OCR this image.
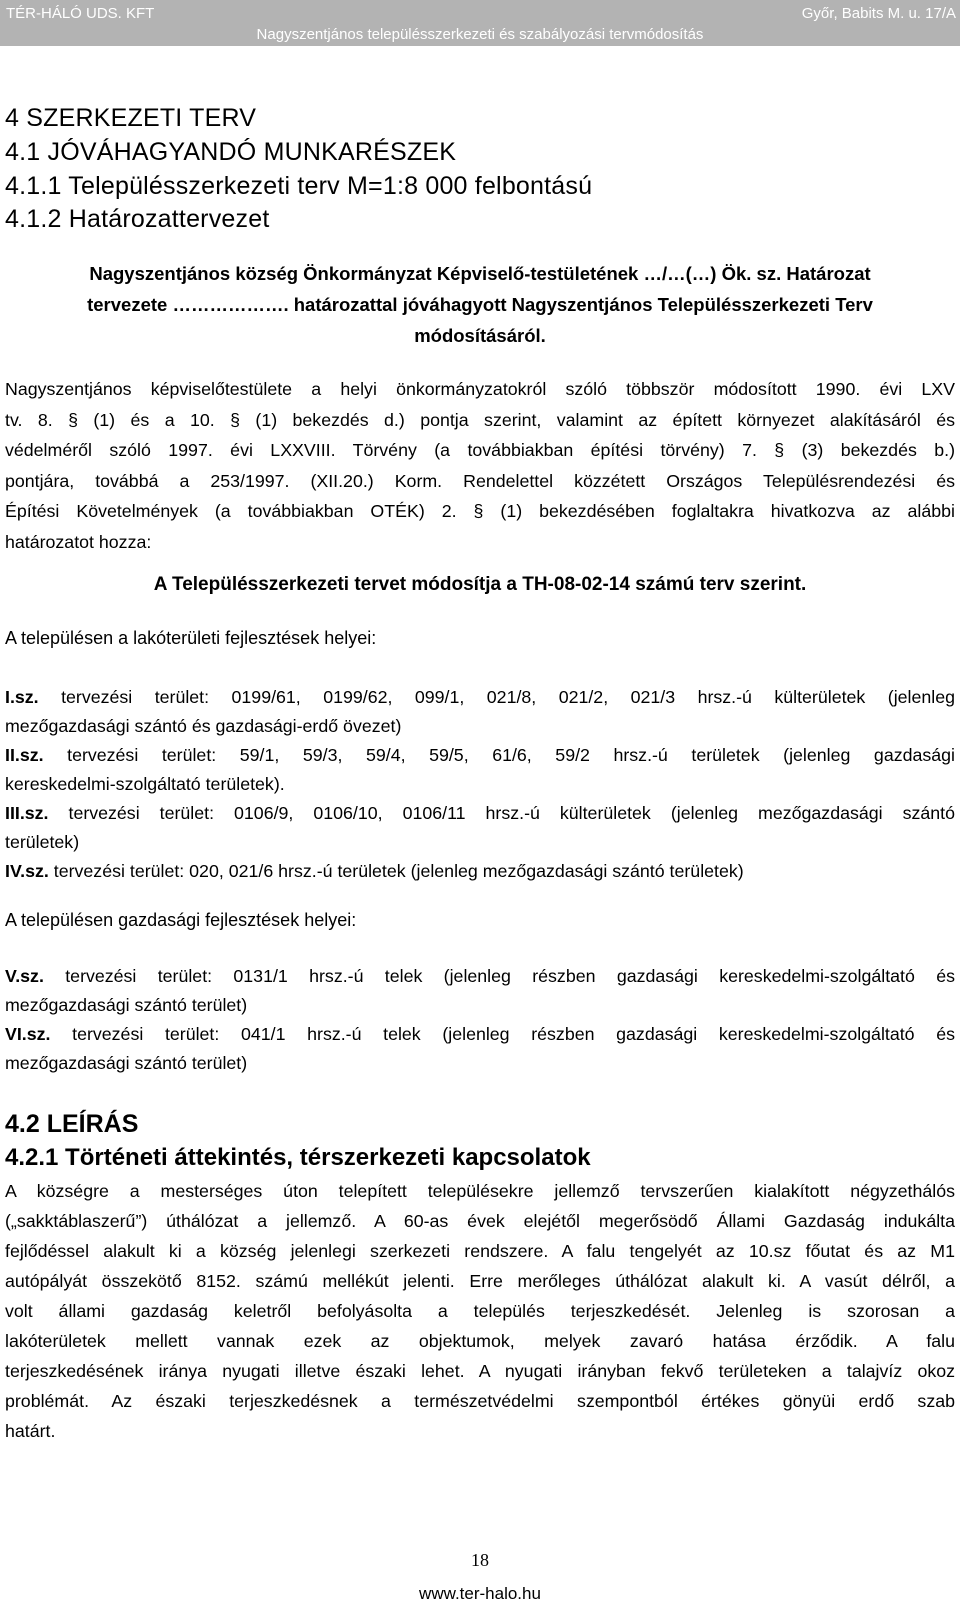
TÉR-HÁLÓ UDS. KFT	Győr, Babits M. u. 17/A
Nagyszentjános településszerkezeti és szabályozási tervmódosítás
4 SZERKEZETI TERV
4.1 JÓVÁHAGYANDÓ MUNKARÉSZEK
4.1.1 Településszerkezeti terv M=1:8 000 felbontású
4.1.2 Határozattervezet
Nagyszentjános község Önkormányzat Képviselő-testületének …/…(…) Ök. sz. Határozat
tervezete ………………. határozattal jóváhagyott Nagyszentjános Településszerkezeti Terv
módosításáról.
Nagyszentjános képviselőtestülete a helyi önkormányzatokról szóló többször módosított 1990. évi LXV
tv. 8. § (1) és a 10. § (1) bekezdés d.) pontja szerint, valamint az épített környezet alakításáról és
védelméről szóló 1997. évi LXXVIII. Törvény (a továbbiakban építési törvény) 7. § (3) bekezdés b.)
pontjára, továbbá a 253/1997. (XII.20.) Korm. Rendelettel közzétett Országos Településrendezési és
Építési Követelmények (a továbbiakban OTÉK) 2. § (1) bekezdésében foglaltakra hivatkozva az alábbi
határozatot hozza:
A Településszerkezeti tervet módosítja a TH-08-02-14 számú terv szerint.
A településen a lakóterületi fejlesztések helyei:
I.sz. tervezési terület: 0199/61, 0199/62, 099/1, 021/8, 021/2, 021/3 hrsz.-ú külterületek (jelenleg
mezőgazdasági szántó és gazdasági-erdő övezet)
II.sz. tervezési terület: 59/1, 59/3, 59/4, 59/5, 61/6, 59/2 hrsz.-ú területek (jelenleg gazdasági
kereskedelmi-szolgáltató területek).
III.sz. tervezési terület: 0106/9, 0106/10, 0106/11 hrsz.-ú külterületek (jelenleg mezőgazdasági szántó
területek)
IV.sz. tervezési terület: 020, 021/6 hrsz.-ú területek (jelenleg mezőgazdasági szántó területek)
A településen gazdasági fejlesztések helyei:
V.sz. tervezési terület: 0131/1 hrsz.-ú telek (jelenleg részben gazdasági kereskedelmi-szolgáltató és
mezőgazdasági szántó terület)
VI.sz. tervezési terület: 041/1 hrsz.-ú telek (jelenleg részben gazdasági kereskedelmi-szolgáltató és
mezőgazdasági szántó terület)
4.2 LEÍRÁS
4.2.1 Történeti áttekintés, térszerkezeti kapcsolatok
A községre a mesterséges úton telepített településekre jellemző tervszerűen kialakított négyzethálós
(„sakktáblaszerű”) úthálózat a jellemző. A 60-as évek elejétől megerősödő Állami Gazdaság indukálta
fejlődéssel alakult ki a község jelenlegi szerkezeti rendszere. A falu tengelyét az 10.sz főutat és az M1
autópályát összekötő 8152. számú mellékút jelenti. Erre merőleges úthálózat alakult ki. A vasút délről, a
volt állami gazdaság keletről befolyásolta a település terjeszkedését. Jelenleg is szorosan a
lakóterületek mellett vannak ezek az objektumok, melyek zavaró hatása érződik. A falu
terjeszkedésének iránya nyugati illetve északi lehet. A nyugati irányban fekvő területeken a talajvíz okoz
problémát. Az északi terjeszkedésnek a természetvédelmi szempontból értékes gönyüi erdő szab
határt.
18
www.ter-halo.hu
